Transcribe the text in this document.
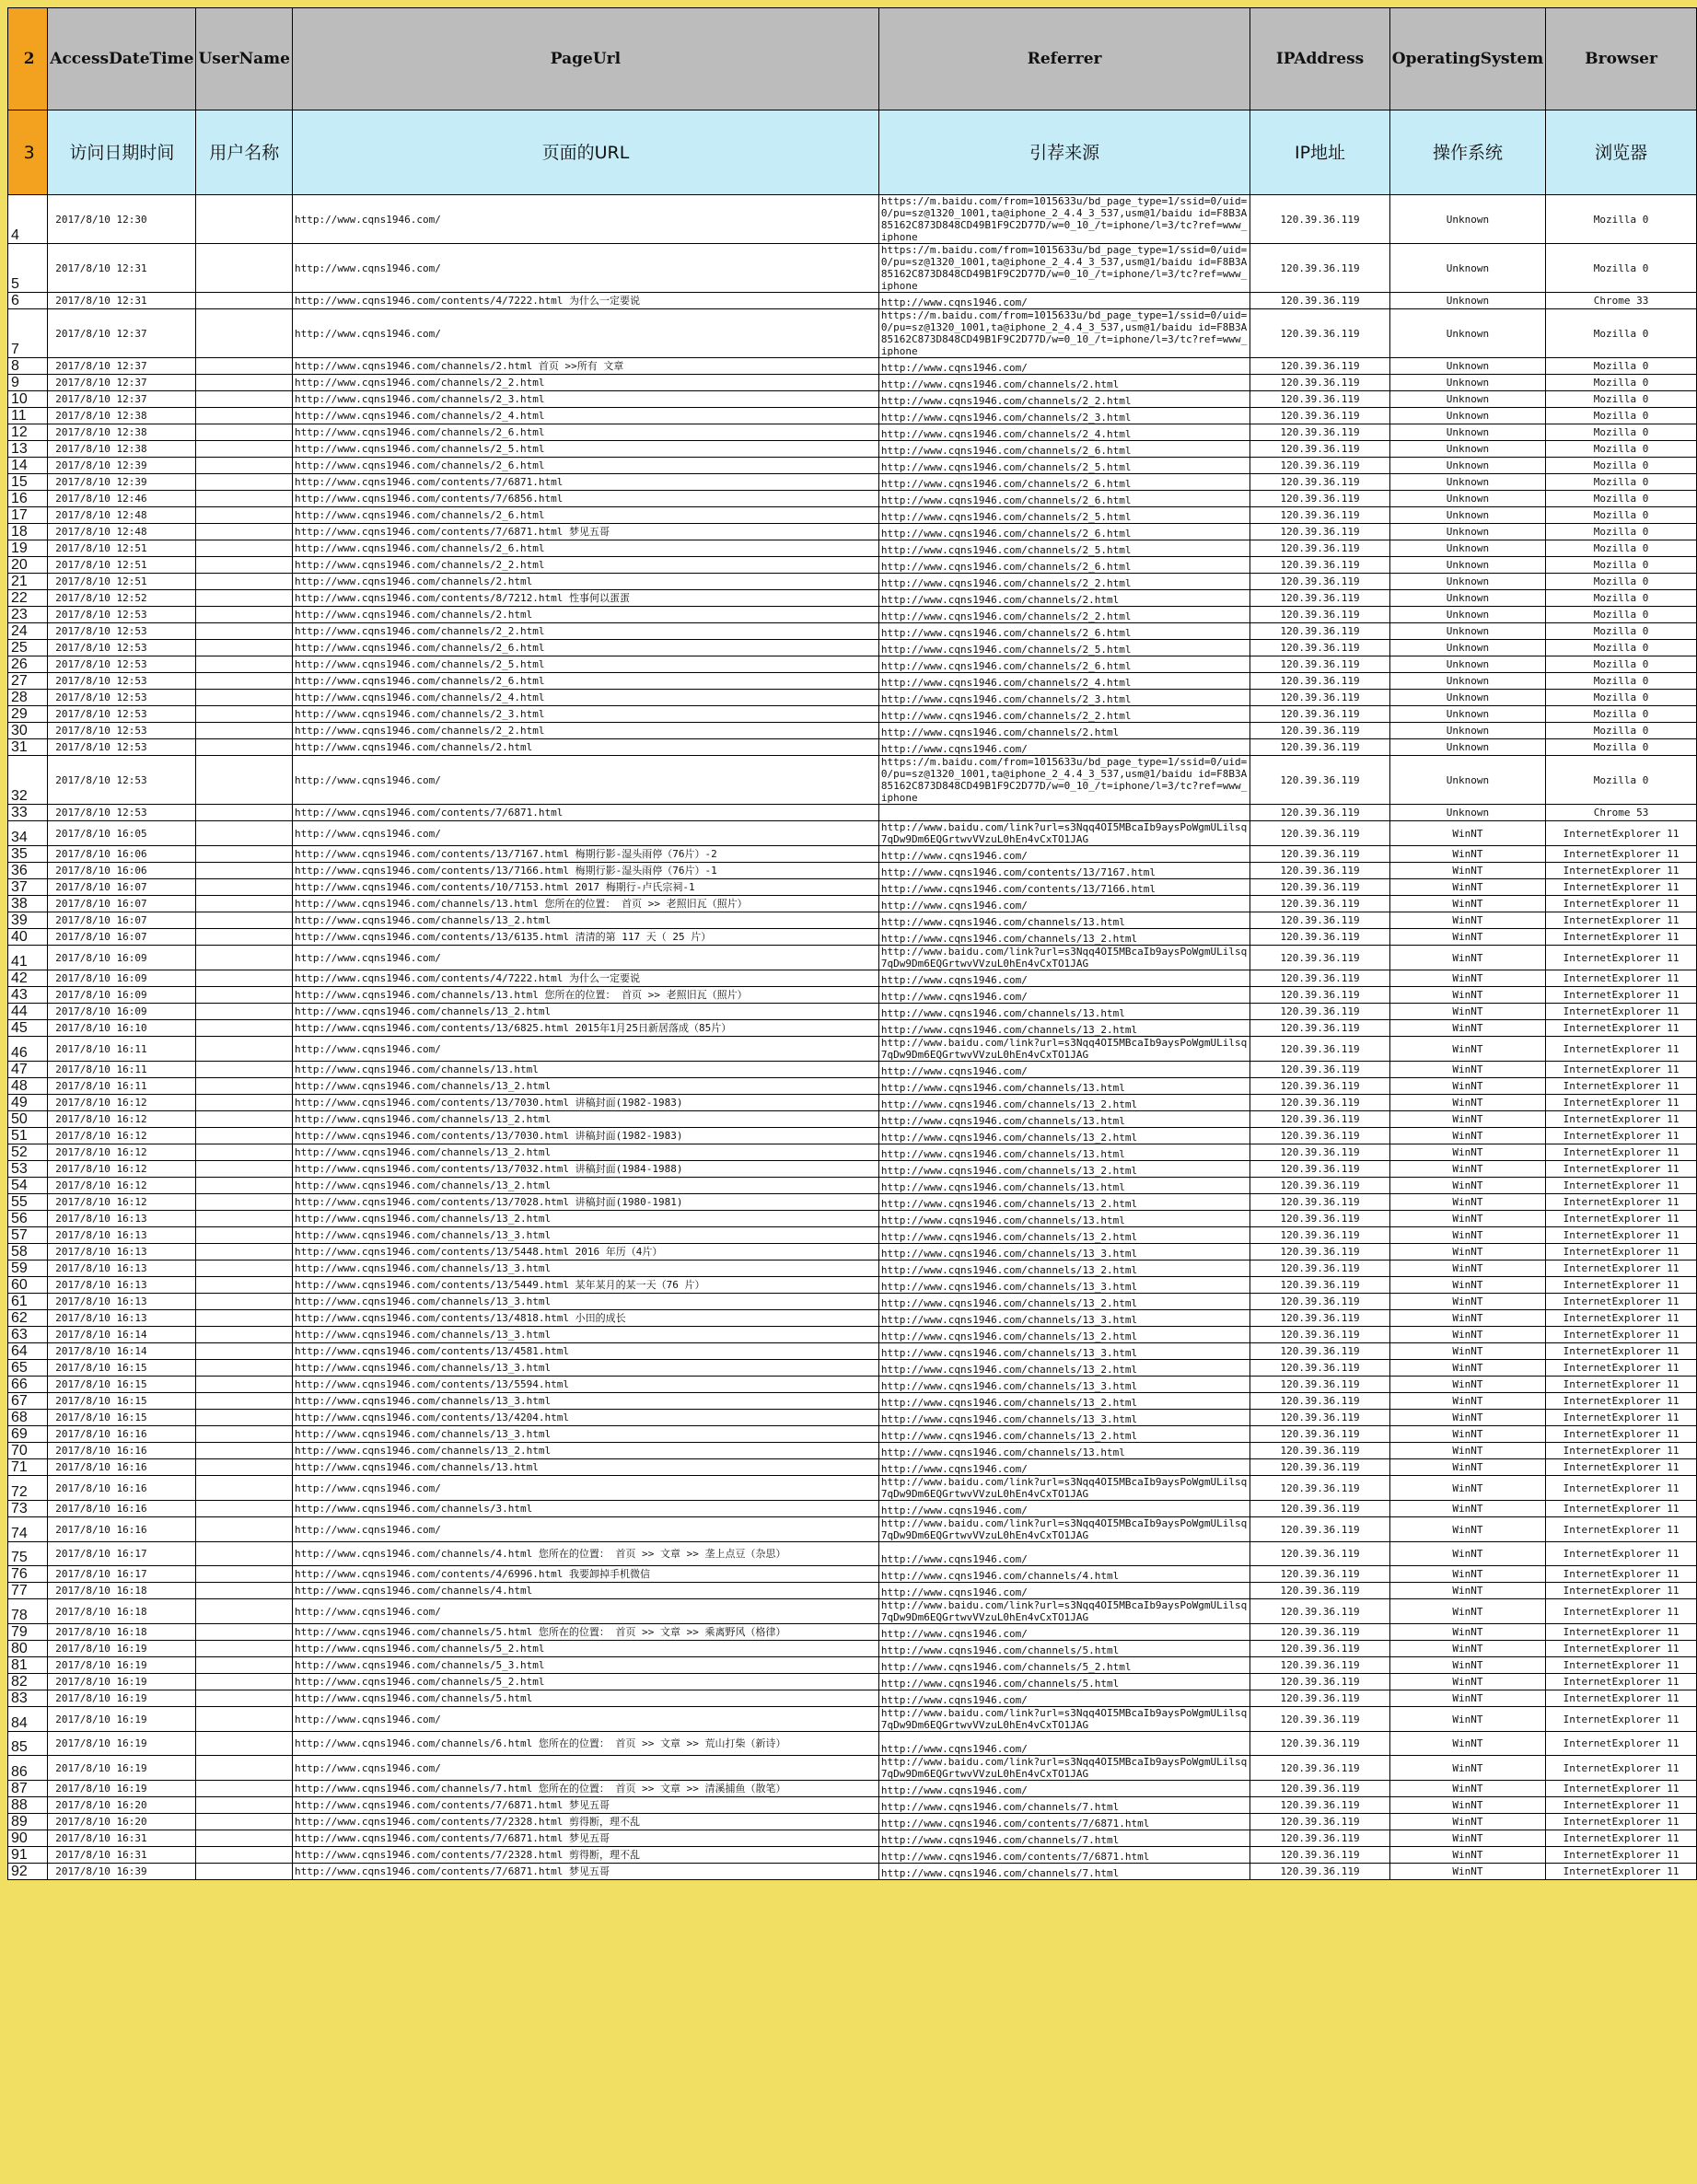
2	AccessDateTime	UserName	PageUrl	Referrer	IPAddress	OperatingSystem	Browser
3	访问日期时间	用户名称	页面的URL	引荐来源	IP地址	操作系统	浏览器
4	2017/8/10 12:30		http://www.cqns1946.com/	https://m.baidu.com/from=1015633u/bd_page_type=1/ssid=0/uid=0/pu=sz@1320_1001,ta@iphone_2_4.4_3_537,usm@1/baidu id=F8B3A85162C873D848CD49B1F9C2D77D/w=0_10_/t=iphone/l=3/tc?ref=www_iphone	120.39.36.119	Unknown	Mozilla 0
5	2017/8/10 12:31		http://www.cqns1946.com/	https://m.baidu.com/from=1015633u/bd_page_type=1/ssid=0/uid=0/pu=sz@1320_1001,ta@iphone_2_4.4_3_537,usm@1/baidu id=F8B3A85162C873D848CD49B1F9C2D77D/w=0_10_/t=iphone/l=3/tc?ref=www_iphone	120.39.36.119	Unknown	Mozilla 0
6	2017/8/10 12:31		http://www.cqns1946.com/contents/4/7222.html 为什么一定要说	http://www.cqns1946.com/	120.39.36.119	Unknown	Chrome 33
7	2017/8/10 12:37		http://www.cqns1946.com/	https://m.baidu.com/from=1015633u/bd_page_type=1/ssid=0/uid=0/pu=sz@1320_1001,ta@iphone_2_4.4_3_537,usm@1/baidu id=F8B3A85162C873D848CD49B1F9C2D77D/w=0_10_/t=iphone/l=3/tc?ref=www_iphone	120.39.36.119	Unknown	Mozilla 0
8	2017/8/10 12:37		http://www.cqns1946.com/channels/2.html 首页 >>所有 文章	http://www.cqns1946.com/	120.39.36.119	Unknown	Mozilla 0
9	2017/8/10 12:37		http://www.cqns1946.com/channels/2_2.html	http://www.cqns1946.com/channels/2.html	120.39.36.119	Unknown	Mozilla 0
10	2017/8/10 12:37		http://www.cqns1946.com/channels/2_3.html	http://www.cqns1946.com/channels/2_2.html	120.39.36.119	Unknown	Mozilla 0
11	2017/8/10 12:38		http://www.cqns1946.com/channels/2_4.html	http://www.cqns1946.com/channels/2_3.html	120.39.36.119	Unknown	Mozilla 0
12	2017/8/10 12:38		http://www.cqns1946.com/channels/2_6.html	http://www.cqns1946.com/channels/2_4.html	120.39.36.119	Unknown	Mozilla 0
13	2017/8/10 12:38		http://www.cqns1946.com/channels/2_5.html	http://www.cqns1946.com/channels/2_6.html	120.39.36.119	Unknown	Mozilla 0
14	2017/8/10 12:39		http://www.cqns1946.com/channels/2_6.html	http://www.cqns1946.com/channels/2_5.html	120.39.36.119	Unknown	Mozilla 0
15	2017/8/10 12:39		http://www.cqns1946.com/contents/7/6871.html	http://www.cqns1946.com/channels/2_6.html	120.39.36.119	Unknown	Mozilla 0
16	2017/8/10 12:46		http://www.cqns1946.com/contents/7/6856.html	http://www.cqns1946.com/channels/2_6.html	120.39.36.119	Unknown	Mozilla 0
17	2017/8/10 12:48		http://www.cqns1946.com/channels/2_6.html	http://www.cqns1946.com/channels/2_5.html	120.39.36.119	Unknown	Mozilla 0
18	2017/8/10 12:48		http://www.cqns1946.com/contents/7/6871.html 梦见五哥	http://www.cqns1946.com/channels/2_6.html	120.39.36.119	Unknown	Mozilla 0
19	2017/8/10 12:51		http://www.cqns1946.com/channels/2_6.html	http://www.cqns1946.com/channels/2_5.html	120.39.36.119	Unknown	Mozilla 0
20	2017/8/10 12:51		http://www.cqns1946.com/channels/2_2.html	http://www.cqns1946.com/channels/2_6.html	120.39.36.119	Unknown	Mozilla 0
21	2017/8/10 12:51		http://www.cqns1946.com/channels/2.html	http://www.cqns1946.com/channels/2_2.html	120.39.36.119	Unknown	Mozilla 0
22	2017/8/10 12:52		http://www.cqns1946.com/contents/8/7212.html 性事何以蛋蛋	http://www.cqns1946.com/channels/2.html	120.39.36.119	Unknown	Mozilla 0
23	2017/8/10 12:53		http://www.cqns1946.com/channels/2.html	http://www.cqns1946.com/channels/2_2.html	120.39.36.119	Unknown	Mozilla 0
24	2017/8/10 12:53		http://www.cqns1946.com/channels/2_2.html	http://www.cqns1946.com/channels/2_6.html	120.39.36.119	Unknown	Mozilla 0
25	2017/8/10 12:53		http://www.cqns1946.com/channels/2_6.html	http://www.cqns1946.com/channels/2_5.html	120.39.36.119	Unknown	Mozilla 0
26	2017/8/10 12:53		http://www.cqns1946.com/channels/2_5.html	http://www.cqns1946.com/channels/2_6.html	120.39.36.119	Unknown	Mozilla 0
27	2017/8/10 12:53		http://www.cqns1946.com/channels/2_6.html	http://www.cqns1946.com/channels/2_4.html	120.39.36.119	Unknown	Mozilla 0
28	2017/8/10 12:53		http://www.cqns1946.com/channels/2_4.html	http://www.cqns1946.com/channels/2_3.html	120.39.36.119	Unknown	Mozilla 0
29	2017/8/10 12:53		http://www.cqns1946.com/channels/2_3.html	http://www.cqns1946.com/channels/2_2.html	120.39.36.119	Unknown	Mozilla 0
30	2017/8/10 12:53		http://www.cqns1946.com/channels/2_2.html	http://www.cqns1946.com/channels/2.html	120.39.36.119	Unknown	Mozilla 0
31	2017/8/10 12:53		http://www.cqns1946.com/channels/2.html	http://www.cqns1946.com/	120.39.36.119	Unknown	Mozilla 0
32	2017/8/10 12:53		http://www.cqns1946.com/	https://m.baidu.com/from=1015633u/bd_page_type=1/ssid=0/uid=0/pu=sz@1320_1001,ta@iphone_2_4.4_3_537,usm@1/baidu id=F8B3A85162C873D848CD49B1F9C2D77D/w=0_10_/t=iphone/l=3/tc?ref=www_iphone	120.39.36.119	Unknown	Mozilla 0
33	2017/8/10 12:53		http://www.cqns1946.com/contents/7/6871.html		120.39.36.119	Unknown	Chrome 53
34	2017/8/10 16:05		http://www.cqns1946.com/	http://www.baidu.com/link?url=s3Nqq4OI5MBcaIb9aysPoWgmULilsq7qDw9Dm6EQGrtwvVVzuL0hEn4vCxTO1JAG	120.39.36.119	WinNT	InternetExplorer 11
35	2017/8/10 16:06		http://www.cqns1946.com/contents/13/7167.html 梅期行影-湿头雨停（76片）-2	http://www.cqns1946.com/	120.39.36.119	WinNT	InternetExplorer 11
36	2017/8/10 16:06		http://www.cqns1946.com/contents/13/7166.html 梅期行影-湿头雨停（76片）-1	http://www.cqns1946.com/contents/13/7167.html	120.39.36.119	WinNT	InternetExplorer 11
37	2017/8/10 16:07		http://www.cqns1946.com/contents/10/7153.html 2017 梅期行-卢氏宗祠-1	http://www.cqns1946.com/contents/13/7166.html	120.39.36.119	WinNT	InternetExplorer 11
38	2017/8/10 16:07		http://www.cqns1946.com/channels/13.html 您所在的位置： 首页 >> 老照旧瓦（照片）	http://www.cqns1946.com/	120.39.36.119	WinNT	InternetExplorer 11
39	2017/8/10 16:07		http://www.cqns1946.com/channels/13_2.html	http://www.cqns1946.com/channels/13.html	120.39.36.119	WinNT	InternetExplorer 11
40	2017/8/10 16:07		http://www.cqns1946.com/contents/13/6135.html 清清的第 117 天（ 25 片）	http://www.cqns1946.com/channels/13_2.html	120.39.36.119	WinNT	InternetExplorer 11
41	2017/8/10 16:09		http://www.cqns1946.com/	http://www.baidu.com/link?url=s3Nqq4OI5MBcaIb9aysPoWgmULilsq7qDw9Dm6EQGrtwvVVzuL0hEn4vCxTO1JAG	120.39.36.119	WinNT	InternetExplorer 11
42	2017/8/10 16:09		http://www.cqns1946.com/contents/4/7222.html 为什么一定要说	http://www.cqns1946.com/	120.39.36.119	WinNT	InternetExplorer 11
43	2017/8/10 16:09		http://www.cqns1946.com/channels/13.html 您所在的位置： 首页 >> 老照旧瓦（照片）	http://www.cqns1946.com/	120.39.36.119	WinNT	InternetExplorer 11
44	2017/8/10 16:09		http://www.cqns1946.com/channels/13_2.html	http://www.cqns1946.com/channels/13.html	120.39.36.119	WinNT	InternetExplorer 11
45	2017/8/10 16:10		http://www.cqns1946.com/contents/13/6825.html 2015年1月25日新居落成（85片）	http://www.cqns1946.com/channels/13_2.html	120.39.36.119	WinNT	InternetExplorer 11
46	2017/8/10 16:11		http://www.cqns1946.com/	http://www.baidu.com/link?url=s3Nqq4OI5MBcaIb9aysPoWgmULilsq7qDw9Dm6EQGrtwvVVzuL0hEn4vCxTO1JAG	120.39.36.119	WinNT	InternetExplorer 11
47	2017/8/10 16:11		http://www.cqns1946.com/channels/13.html	http://www.cqns1946.com/	120.39.36.119	WinNT	InternetExplorer 11
48	2017/8/10 16:11		http://www.cqns1946.com/channels/13_2.html	http://www.cqns1946.com/channels/13.html	120.39.36.119	WinNT	InternetExplorer 11
49	2017/8/10 16:12		http://www.cqns1946.com/contents/13/7030.html 讲稿封面(1982-1983)	http://www.cqns1946.com/channels/13_2.html	120.39.36.119	WinNT	InternetExplorer 11
50	2017/8/10 16:12		http://www.cqns1946.com/channels/13_2.html	http://www.cqns1946.com/channels/13.html	120.39.36.119	WinNT	InternetExplorer 11
51	2017/8/10 16:12		http://www.cqns1946.com/contents/13/7030.html 讲稿封面(1982-1983)	http://www.cqns1946.com/channels/13_2.html	120.39.36.119	WinNT	InternetExplorer 11
52	2017/8/10 16:12		http://www.cqns1946.com/channels/13_2.html	http://www.cqns1946.com/channels/13.html	120.39.36.119	WinNT	InternetExplorer 11
53	2017/8/10 16:12		http://www.cqns1946.com/contents/13/7032.html 讲稿封面(1984-1988)	http://www.cqns1946.com/channels/13_2.html	120.39.36.119	WinNT	InternetExplorer 11
54	2017/8/10 16:12		http://www.cqns1946.com/channels/13_2.html	http://www.cqns1946.com/channels/13.html	120.39.36.119	WinNT	InternetExplorer 11
55	2017/8/10 16:12		http://www.cqns1946.com/contents/13/7028.html 讲稿封面(1980-1981)	http://www.cqns1946.com/channels/13_2.html	120.39.36.119	WinNT	InternetExplorer 11
56	2017/8/10 16:13		http://www.cqns1946.com/channels/13_2.html	http://www.cqns1946.com/channels/13.html	120.39.36.119	WinNT	InternetExplorer 11
57	2017/8/10 16:13		http://www.cqns1946.com/channels/13_3.html	http://www.cqns1946.com/channels/13_2.html	120.39.36.119	WinNT	InternetExplorer 11
58	2017/8/10 16:13		http://www.cqns1946.com/contents/13/5448.html 2016 年历（4片）	http://www.cqns1946.com/channels/13_3.html	120.39.36.119	WinNT	InternetExplorer 11
59	2017/8/10 16:13		http://www.cqns1946.com/channels/13_3.html	http://www.cqns1946.com/channels/13_2.html	120.39.36.119	WinNT	InternetExplorer 11
60	2017/8/10 16:13		http://www.cqns1946.com/contents/13/5449.html 某年某月的某一天（76 片）	http://www.cqns1946.com/channels/13_3.html	120.39.36.119	WinNT	InternetExplorer 11
61	2017/8/10 16:13		http://www.cqns1946.com/channels/13_3.html	http://www.cqns1946.com/channels/13_2.html	120.39.36.119	WinNT	InternetExplorer 11
62	2017/8/10 16:13		http://www.cqns1946.com/contents/13/4818.html 小田的成长	http://www.cqns1946.com/channels/13_3.html	120.39.36.119	WinNT	InternetExplorer 11
63	2017/8/10 16:14		http://www.cqns1946.com/channels/13_3.html	http://www.cqns1946.com/channels/13_2.html	120.39.36.119	WinNT	InternetExplorer 11
64	2017/8/10 16:14		http://www.cqns1946.com/contents/13/4581.html	http://www.cqns1946.com/channels/13_3.html	120.39.36.119	WinNT	InternetExplorer 11
65	2017/8/10 16:15		http://www.cqns1946.com/channels/13_3.html	http://www.cqns1946.com/channels/13_2.html	120.39.36.119	WinNT	InternetExplorer 11
66	2017/8/10 16:15		http://www.cqns1946.com/contents/13/5594.html	http://www.cqns1946.com/channels/13_3.html	120.39.36.119	WinNT	InternetExplorer 11
67	2017/8/10 16:15		http://www.cqns1946.com/channels/13_3.html	http://www.cqns1946.com/channels/13_2.html	120.39.36.119	WinNT	InternetExplorer 11
68	2017/8/10 16:15		http://www.cqns1946.com/contents/13/4204.html	http://www.cqns1946.com/channels/13_3.html	120.39.36.119	WinNT	InternetExplorer 11
69	2017/8/10 16:16		http://www.cqns1946.com/channels/13_3.html	http://www.cqns1946.com/channels/13_2.html	120.39.36.119	WinNT	InternetExplorer 11
70	2017/8/10 16:16		http://www.cqns1946.com/channels/13_2.html	http://www.cqns1946.com/channels/13.html	120.39.36.119	WinNT	InternetExplorer 11
71	2017/8/10 16:16		http://www.cqns1946.com/channels/13.html	http://www.cqns1946.com/	120.39.36.119	WinNT	InternetExplorer 11
72	2017/8/10 16:16		http://www.cqns1946.com/	http://www.baidu.com/link?url=s3Nqq4OI5MBcaIb9aysPoWgmULilsq7qDw9Dm6EQGrtwvVVzuL0hEn4vCxTO1JAG	120.39.36.119	WinNT	InternetExplorer 11
73	2017/8/10 16:16		http://www.cqns1946.com/channels/3.html	http://www.cqns1946.com/	120.39.36.119	WinNT	InternetExplorer 11
74	2017/8/10 16:16		http://www.cqns1946.com/	http://www.baidu.com/link?url=s3Nqq4OI5MBcaIb9aysPoWgmULilsq7qDw9Dm6EQGrtwvVVzuL0hEn4vCxTO1JAG	120.39.36.119	WinNT	InternetExplorer 11
75	2017/8/10 16:17		http://www.cqns1946.com/channels/4.html 您所在的位置： 首页 >> 文章 >> 垄上点豆（杂思）	http://www.cqns1946.com/	120.39.36.119	WinNT	InternetExplorer 11
76	2017/8/10 16:17		http://www.cqns1946.com/contents/4/6996.html 我要卸掉手机微信	http://www.cqns1946.com/channels/4.html	120.39.36.119	WinNT	InternetExplorer 11
77	2017/8/10 16:18		http://www.cqns1946.com/channels/4.html	http://www.cqns1946.com/	120.39.36.119	WinNT	InternetExplorer 11
78	2017/8/10 16:18		http://www.cqns1946.com/	http://www.baidu.com/link?url=s3Nqq4OI5MBcaIb9aysPoWgmULilsq7qDw9Dm6EQGrtwvVVzuL0hEn4vCxTO1JAG	120.39.36.119	WinNT	InternetExplorer 11
79	2017/8/10 16:18		http://www.cqns1946.com/channels/5.html 您所在的位置： 首页 >> 文章 >> 乘离野风（格律）	http://www.cqns1946.com/	120.39.36.119	WinNT	InternetExplorer 11
80	2017/8/10 16:19		http://www.cqns1946.com/channels/5_2.html	http://www.cqns1946.com/channels/5.html	120.39.36.119	WinNT	InternetExplorer 11
81	2017/8/10 16:19		http://www.cqns1946.com/channels/5_3.html	http://www.cqns1946.com/channels/5_2.html	120.39.36.119	WinNT	InternetExplorer 11
82	2017/8/10 16:19		http://www.cqns1946.com/channels/5_2.html	http://www.cqns1946.com/channels/5.html	120.39.36.119	WinNT	InternetExplorer 11
83	2017/8/10 16:19		http://www.cqns1946.com/channels/5.html	http://www.cqns1946.com/	120.39.36.119	WinNT	InternetExplorer 11
84	2017/8/10 16:19		http://www.cqns1946.com/	http://www.baidu.com/link?url=s3Nqq4OI5MBcaIb9aysPoWgmULilsq7qDw9Dm6EQGrtwvVVzuL0hEn4vCxTO1JAG	120.39.36.119	WinNT	InternetExplorer 11
85	2017/8/10 16:19		http://www.cqns1946.com/channels/6.html 您所在的位置： 首页 >> 文章 >> 荒山打柴（新诗）	http://www.cqns1946.com/	120.39.36.119	WinNT	InternetExplorer 11
86	2017/8/10 16:19		http://www.cqns1946.com/	http://www.baidu.com/link?url=s3Nqq4OI5MBcaIb9aysPoWgmULilsq7qDw9Dm6EQGrtwvVVzuL0hEn4vCxTO1JAG	120.39.36.119	WinNT	InternetExplorer 11
87	2017/8/10 16:19		http://www.cqns1946.com/channels/7.html 您所在的位置： 首页 >> 文章 >> 清溪捕鱼（散笔）	http://www.cqns1946.com/	120.39.36.119	WinNT	InternetExplorer 11
88	2017/8/10 16:20		http://www.cqns1946.com/contents/7/6871.html 梦见五哥	http://www.cqns1946.com/channels/7.html	120.39.36.119	WinNT	InternetExplorer 11
89	2017/8/10 16:20		http://www.cqns1946.com/contents/7/2328.html 剪得断，理不乱	http://www.cqns1946.com/contents/7/6871.html	120.39.36.119	WinNT	InternetExplorer 11
90	2017/8/10 16:31		http://www.cqns1946.com/contents/7/6871.html 梦见五哥	http://www.cqns1946.com/channels/7.html	120.39.36.119	WinNT	InternetExplorer 11
91	2017/8/10 16:31		http://www.cqns1946.com/contents/7/2328.html 剪得断，理不乱	http://www.cqns1946.com/contents/7/6871.html	120.39.36.119	WinNT	InternetExplorer 11
92	2017/8/10 16:39		http://www.cqns1946.com/contents/7/6871.html 梦见五哥	http://www.cqns1946.com/channels/7.html	120.39.36.119	WinNT	InternetExplorer 11
